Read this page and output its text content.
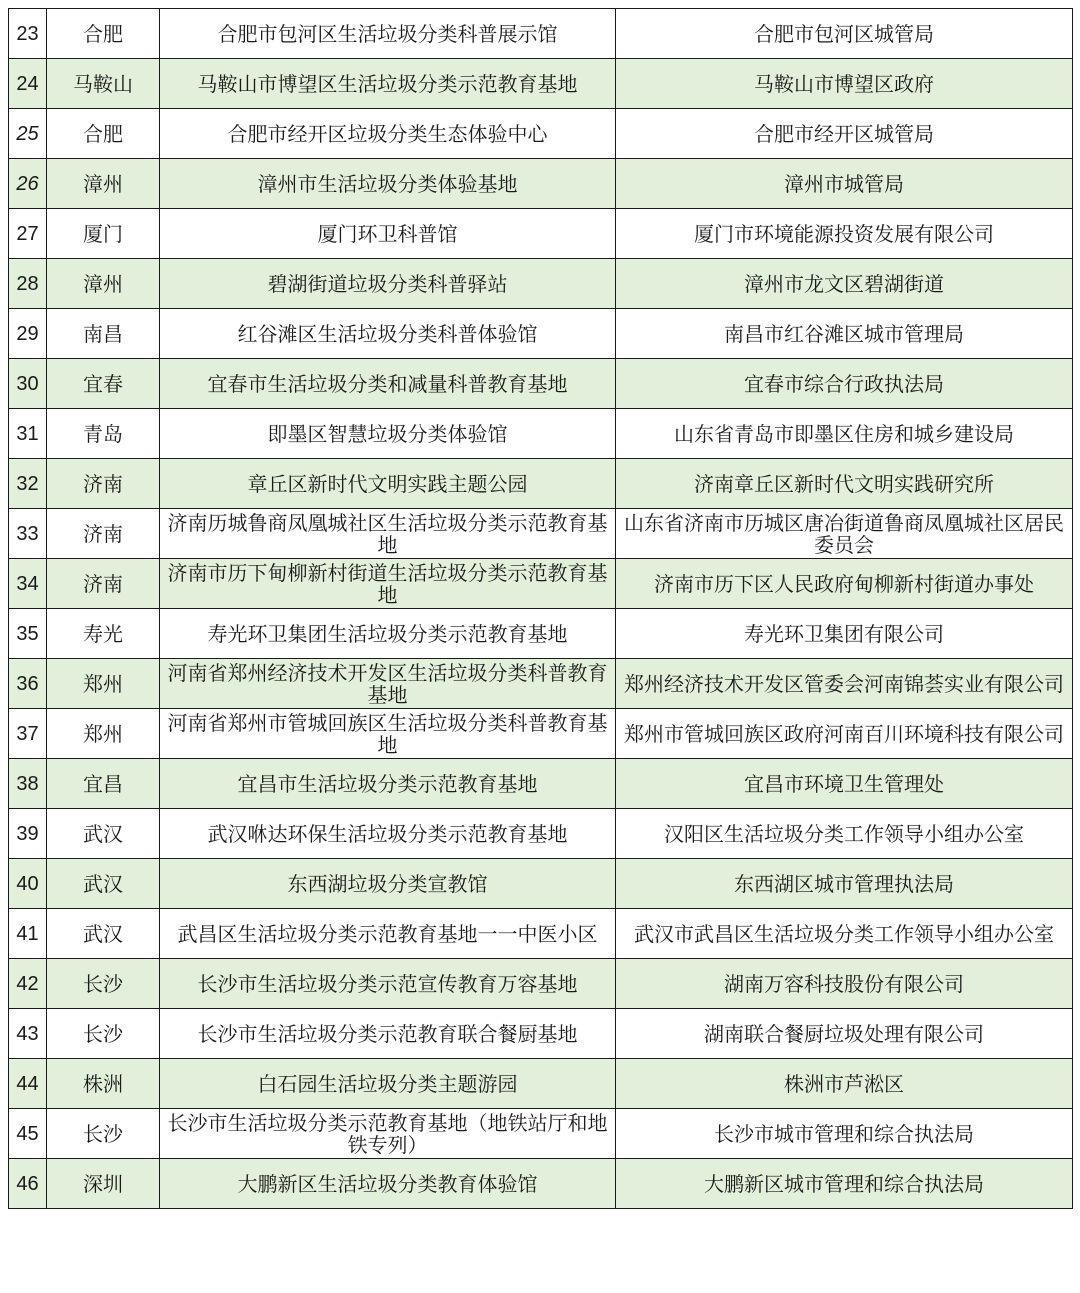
23	合肥	合肥市包河区生活垃圾分类科普展示馆	合肥市包河区城管局
24	马鞍山	马鞍山市博望区生活垃圾分类示范教育基地	马鞍山市博望区政府
25	合肥	合肥市经开区垃圾分类生态体验中心	合肥市经开区城管局
26	漳州	漳州市生活垃圾分类体验基地	漳州市城管局
27	厦门	厦门环卫科普馆	厦门市环境能源投资发展有限公司
28	漳州	碧湖街道垃圾分类科普驿站	漳州市龙文区碧湖街道
29	南昌	红谷滩区生活垃圾分类科普体验馆	南昌市红谷滩区城市管理局
30	宜春	宜春市生活垃圾分类和减量科普教育基地	宜春市综合行政执法局
31	青岛	即墨区智慧垃圾分类体验馆	山东省青岛市即墨区住房和城乡建设局
32	济南	章丘区新时代文明实践主题公园	济南章丘区新时代文明实践研究所
33	济南	济南历城鲁商凤凰城社区生活垃圾分类示范教育基地	山东省济南市历城区唐冶街道鲁商凤凰城社区居民委员会
34	济南	济南市历下甸柳新村街道生活垃圾分类示范教育基地	济南市历下区人民政府甸柳新村街道办事处
35	寿光	寿光环卫集团生活垃圾分类示范教育基地	寿光环卫集团有限公司
36	郑州	河南省郑州经济技术开发区生活垃圾分类科普教育基地	郑州经济技术开发区管委会河南锦荟实业有限公司
37	郑州	河南省郑州市管城回族区生活垃圾分类科普教育基地	郑州市管城回族区政府河南百川环境科技有限公司
38	宜昌	宜昌市生活垃圾分类示范教育基地	宜昌市环境卫生管理处
39	武汉	武汉咻达环保生活垃圾分类示范教育基地	汉阳区生活垃圾分类工作领导小组办公室
40	武汉	东西湖垃圾分类宣教馆	东西湖区城市管理执法局
41	武汉	武昌区生活垃圾分类示范教育基地一一中医小区	武汉市武昌区生活垃圾分类工作领导小组办公室
42	长沙	长沙市生活垃圾分类示范宣传教育万容基地	湖南万容科技股份有限公司
43	长沙	长沙市生活垃圾分类示范教育联合餐厨基地	湖南联合餐厨垃圾处理有限公司
44	株洲	白石园生活垃圾分类主题游园	株洲市芦淞区
45	长沙	长沙市生活垃圾分类示范教育基地（地铁站厅和地铁专列）	长沙市城市管理和综合执法局
46	深圳	大鹏新区生活垃圾分类教育体验馆	大鹏新区城市管理和综合执法局
